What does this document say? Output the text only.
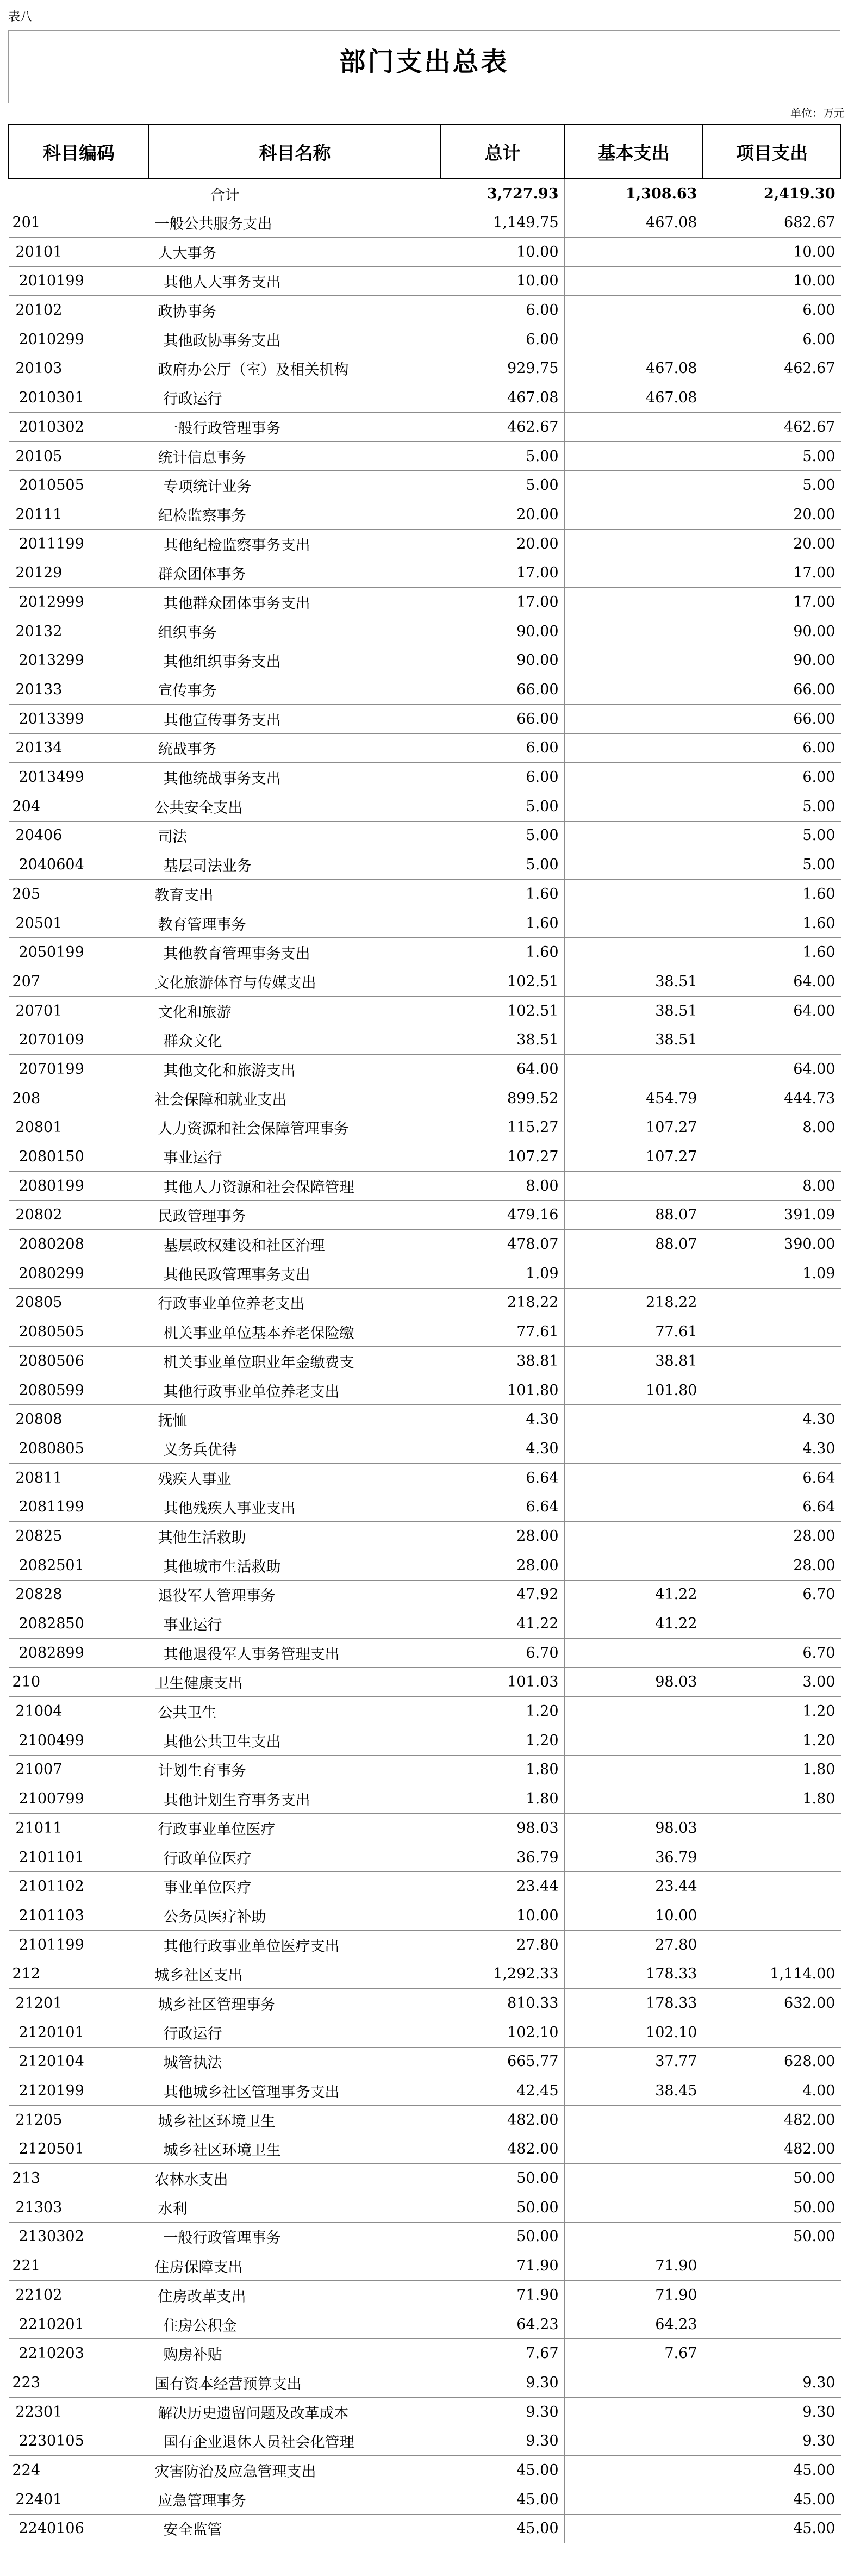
表八
部门支出总表
单位：万元
科目编码	科目名称	总计	基本支出	项目支出
合计		3,727.93	1,308.63	2,419.30
201	一般公共服务支出	1,149.75	467.08	682.67
20101	人大事务	10.00		10.00
2010199	其他人大事务支出	10.00		10.00
20102	政协事务	6.00		6.00
2010299	其他政协事务支出	6.00		6.00
20103	政府办公厅（室）及相关机构	929.75	467.08	462.67
2010301	行政运行	467.08	467.08	
2010302	一般行政管理事务	462.67		462.67
20105	统计信息事务	5.00		5.00
2010505	专项统计业务	5.00		5.00
20111	纪检监察事务	20.00		20.00
2011199	其他纪检监察事务支出	20.00		20.00
20129	群众团体事务	17.00		17.00
2012999	其他群众团体事务支出	17.00		17.00
20132	组织事务	90.00		90.00
2013299	其他组织事务支出	90.00		90.00
20133	宣传事务	66.00		66.00
2013399	其他宣传事务支出	66.00		66.00
20134	统战事务	6.00		6.00
2013499	其他统战事务支出	6.00		6.00
204	公共安全支出	5.00		5.00
20406	司法	5.00		5.00
2040604	基层司法业务	5.00		5.00
205	教育支出	1.60		1.60
20501	教育管理事务	1.60		1.60
2050199	其他教育管理事务支出	1.60		1.60
207	文化旅游体育与传媒支出	102.51	38.51	64.00
20701	文化和旅游	102.51	38.51	64.00
2070109	群众文化	38.51	38.51	
2070199	其他文化和旅游支出	64.00		64.00
208	社会保障和就业支出	899.52	454.79	444.73
20801	人力资源和社会保障管理事务	115.27	107.27	8.00
2080150	事业运行	107.27	107.27	
2080199	其他人力资源和社会保障管理	8.00		8.00
20802	民政管理事务	479.16	88.07	391.09
2080208	基层政权建设和社区治理	478.07	88.07	390.00
2080299	其他民政管理事务支出	1.09		1.09
20805	行政事业单位养老支出	218.22	218.22	
2080505	机关事业单位基本养老保险缴	77.61	77.61	
2080506	机关事业单位职业年金缴费支	38.81	38.81	
2080599	其他行政事业单位养老支出	101.80	101.80	
20808	抚恤	4.30		4.30
2080805	义务兵优待	4.30		4.30
20811	残疾人事业	6.64		6.64
2081199	其他残疾人事业支出	6.64		6.64
20825	其他生活救助	28.00		28.00
2082501	其他城市生活救助	28.00		28.00
20828	退役军人管理事务	47.92	41.22	6.70
2082850	事业运行	41.22	41.22	
2082899	其他退役军人事务管理支出	6.70		6.70
210	卫生健康支出	101.03	98.03	3.00
21004	公共卫生	1.20		1.20
2100499	其他公共卫生支出	1.20		1.20
21007	计划生育事务	1.80		1.80
2100799	其他计划生育事务支出	1.80		1.80
21011	行政事业单位医疗	98.03	98.03	
2101101	行政单位医疗	36.79	36.79	
2101102	事业单位医疗	23.44	23.44	
2101103	公务员医疗补助	10.00	10.00	
2101199	其他行政事业单位医疗支出	27.80	27.80	
212	城乡社区支出	1,292.33	178.33	1,114.00
21201	城乡社区管理事务	810.33	178.33	632.00
2120101	行政运行	102.10	102.10	
2120104	城管执法	665.77	37.77	628.00
2120199	其他城乡社区管理事务支出	42.45	38.45	4.00
21205	城乡社区环境卫生	482.00		482.00
2120501	城乡社区环境卫生	482.00		482.00
213	农林水支出	50.00		50.00
21303	水利	50.00		50.00
2130302	一般行政管理事务	50.00		50.00
221	住房保障支出	71.90	71.90	
22102	住房改革支出	71.90	71.90	
2210201	住房公积金	64.23	64.23	
2210203	购房补贴	7.67	7.67	
223	国有资本经营预算支出	9.30		9.30
22301	解决历史遗留问题及改革成本	9.30		9.30
2230105	国有企业退休人员社会化管理	9.30		9.30
224	灾害防治及应急管理支出	45.00		45.00
22401	应急管理事务	45.00		45.00
2240106	安全监管	45.00		45.00
